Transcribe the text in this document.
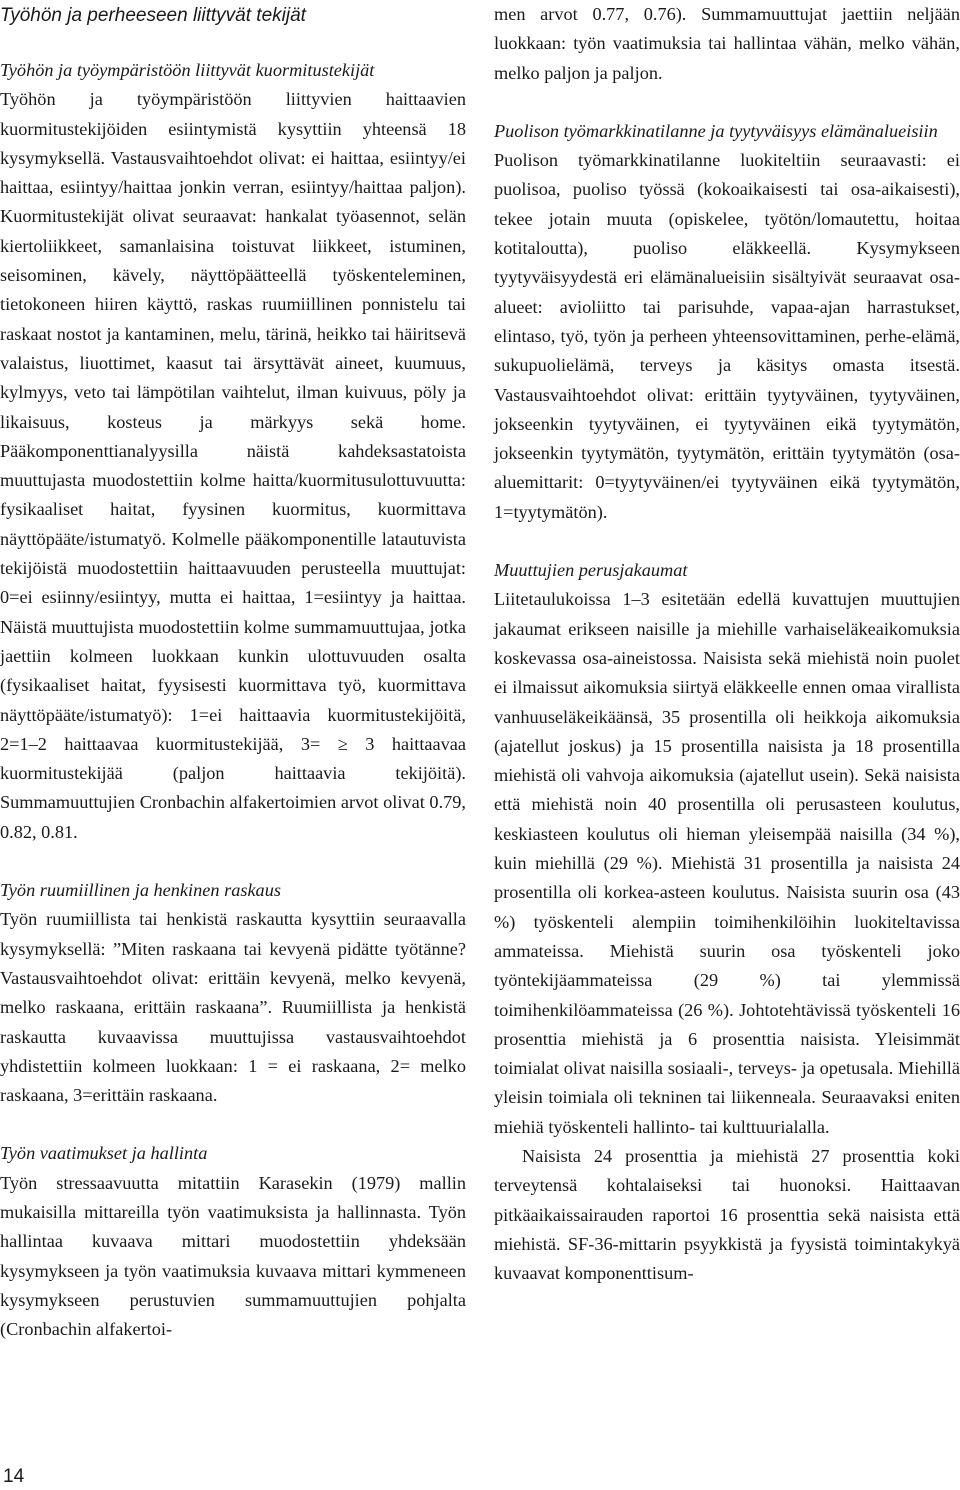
Työhön ja perheeseen liittyvät tekijät

Työhön ja työympäristöön liittyvät kuormitustekijät

Työhön ja työympäristöön liittyvien haittaavien kuormitustekijöiden esiintymistä kysyttiin yhteensä 18 kysymyksellä. Vastausvaihtoehdot olivat: ei haittaa, esiintyy/ei haittaa, esiintyy/haittaa jonkin verran, esiintyy/haittaa paljon). Kuormitustekijät olivat seuraavat: hankalat työasennot, selän kiertoliikkeet, samanlaisina toistuvat liikkeet, istuminen, seisominen, kävely, näyttöpäätteellä työskenteleminen, tietokoneen hiiren käyttö, raskas ruumiillinen ponnistelu tai raskaat nostot ja kantaminen, melu, tärinä, heikko tai häiritsevä valaistus, liuottimet, kaasut tai ärsyttävät aineet, kuumuus, kylmyys, veto tai lämpötilan vaihtelut, ilman kuivuus, pöly ja likaisuus, kosteus ja märkyys sekä home. Pääkomponenttianalyysilla näistä kahdeksastatoista muuttujasta muodostettiin kolme haitta/kuormitusulottuvuutta: fysikaaliset haitat, fyysinen kuormitus, kuormittava näyttöpääte/istumatyö. Kolmelle pääkomponentille latautuvista tekijöistä muodostettiin haittaavuuden perusteella muuttujat: 0=ei esiinny/esiintyy, mutta ei haittaa, 1=esiintyy ja haittaa. Näistä muuttujista muodostettiin kolme summamuuttujaa, jotka jaettiin kolmeen luokkaan kunkin ulottuvuuden osalta (fysikaaliset haitat, fyysisesti kuormittava työ, kuormittava näyttöpääte/istumatyö): 1=ei haittaavia kuormitustekijöitä, 2=1–2 haittaavaa kuormitustekijää, 3= ≥ 3 haittaavaa kuormitustekijää (paljon haittaavia tekijöitä). Summamuuttujien Cronbachin alfakertoimien arvot olivat 0.79, 0.82, 0.81.

Työn ruumiillinen ja henkinen raskaus

Työn ruumiillista tai henkistä raskautta kysyttiin seuraavalla kysymyksellä: ”Miten raskaana tai kevyenä pidätte työtänne? Vastausvaihtoehdot olivat: erittäin kevyenä, melko kevyenä, melko raskaana, erittäin raskaana”. Ruumiillista ja henkistä raskautta kuvaavissa muuttujissa vastausvaihtoehdot yhdistettiin kolmeen luokkaan: 1 = ei raskaana, 2= melko raskaana, 3=erittäin raskaana.

Työn vaatimukset ja hallinta

Työn stressaavuutta mitattiin Karasekin (1979) mallin mukaisilla mittareilla työn vaatimuksista ja hallinnasta. Työn hallintaa kuvaava mittari muodostettiin yhdeksään kysymykseen ja työn vaatimuksia kuvaava mittari kymmeneen kysymykseen perustuvien summamuuttujien pohjalta (Cronbachin alfakertoi-

men arvot 0.77, 0.76). Summamuuttujat jaettiin neljään luokkaan: työn vaatimuksia tai hallintaa vähän, melko vähän, melko paljon ja paljon.

Puolison työmarkkinatilanne ja tyytyväisyys elämänalueisiin

Puolison työmarkkinatilanne luokiteltiin seuraavasti: ei puolisoa, puoliso työssä (kokoaikaisesti tai osa-aikaisesti), tekee jotain muuta (opiskelee, työtön/lomautettu, hoitaa kotitaloutta), puoliso eläkkeellä. Kysymykseen tyytyväisyydestä eri elämänalueisiin sisältyivät seuraavat osa-alueet: avioliitto tai parisuhde, vapaa-ajan harrastukset, elintaso, työ, työn ja perheen yhteensovittaminen, perhe-elämä, sukupuolielämä, terveys ja käsitys omasta itsestä. Vastausvaihtoehdot olivat: erittäin tyytyväinen, tyytyväinen, jokseenkin tyytyväinen, ei tyytyväinen eikä tyytymätön, jokseenkin tyytymätön, tyytymätön, erittäin tyytymätön (osa-aluemittarit: 0=tyytyväinen/ei tyytyväinen eikä tyytymätön, 1=tyytymätön).

Muuttujien perusjakaumat

Liitetaulukoissa 1–3 esitetään edellä kuvattujen muuttujien jakaumat erikseen naisille ja miehille varhaiseläkeaikomuksia koskevassa osa-aineistossa. Naisista sekä miehistä noin puolet ei ilmaissut aikomuksia siirtyä eläkkeelle ennen omaa virallista vanhuuseläkeikäänsä, 35 prosentilla oli heikkoja aikomuksia (ajatellut joskus) ja 15 prosentilla naisista ja 18 prosentilla miehistä oli vahvoja aikomuksia (ajatellut usein). Sekä naisista että miehistä noin 40 prosentilla oli perusasteen koulutus, keskiasteen koulutus oli hieman yleisempää naisilla (34 %), kuin miehillä (29 %). Miehistä 31 prosentilla ja naisista 24 prosentilla oli korkea-asteen koulutus. Naisista suurin osa (43 %) työskenteli alempiin toimihenkilöihin luokiteltavissa ammateissa. Miehistä suurin osa työskenteli joko työntekijäammateissa (29 %) tai ylemmissä toimihenkilöammateissa (26 %). Johtotehtävissä työskenteli 16 prosenttia miehistä ja 6 prosenttia naisista. Yleisimmät toimialat olivat naisilla sosiaali-, terveys- ja opetusala. Miehillä yleisin toimiala oli tekninen tai liikenneala. Seuraavaksi eniten miehiä työskenteli hallinto- tai kulttuurialalla.

Naisista 24 prosenttia ja miehistä 27 prosenttia koki terveytensä kohtalaiseksi tai huonoksi. Haittaavan pitkäaikaissairauden raportoi 16 prosenttia sekä naisista että miehistä. SF-36-mittarin psyykkistä ja fyysistä toimintakykyä kuvaavat komponenttisum-

14
